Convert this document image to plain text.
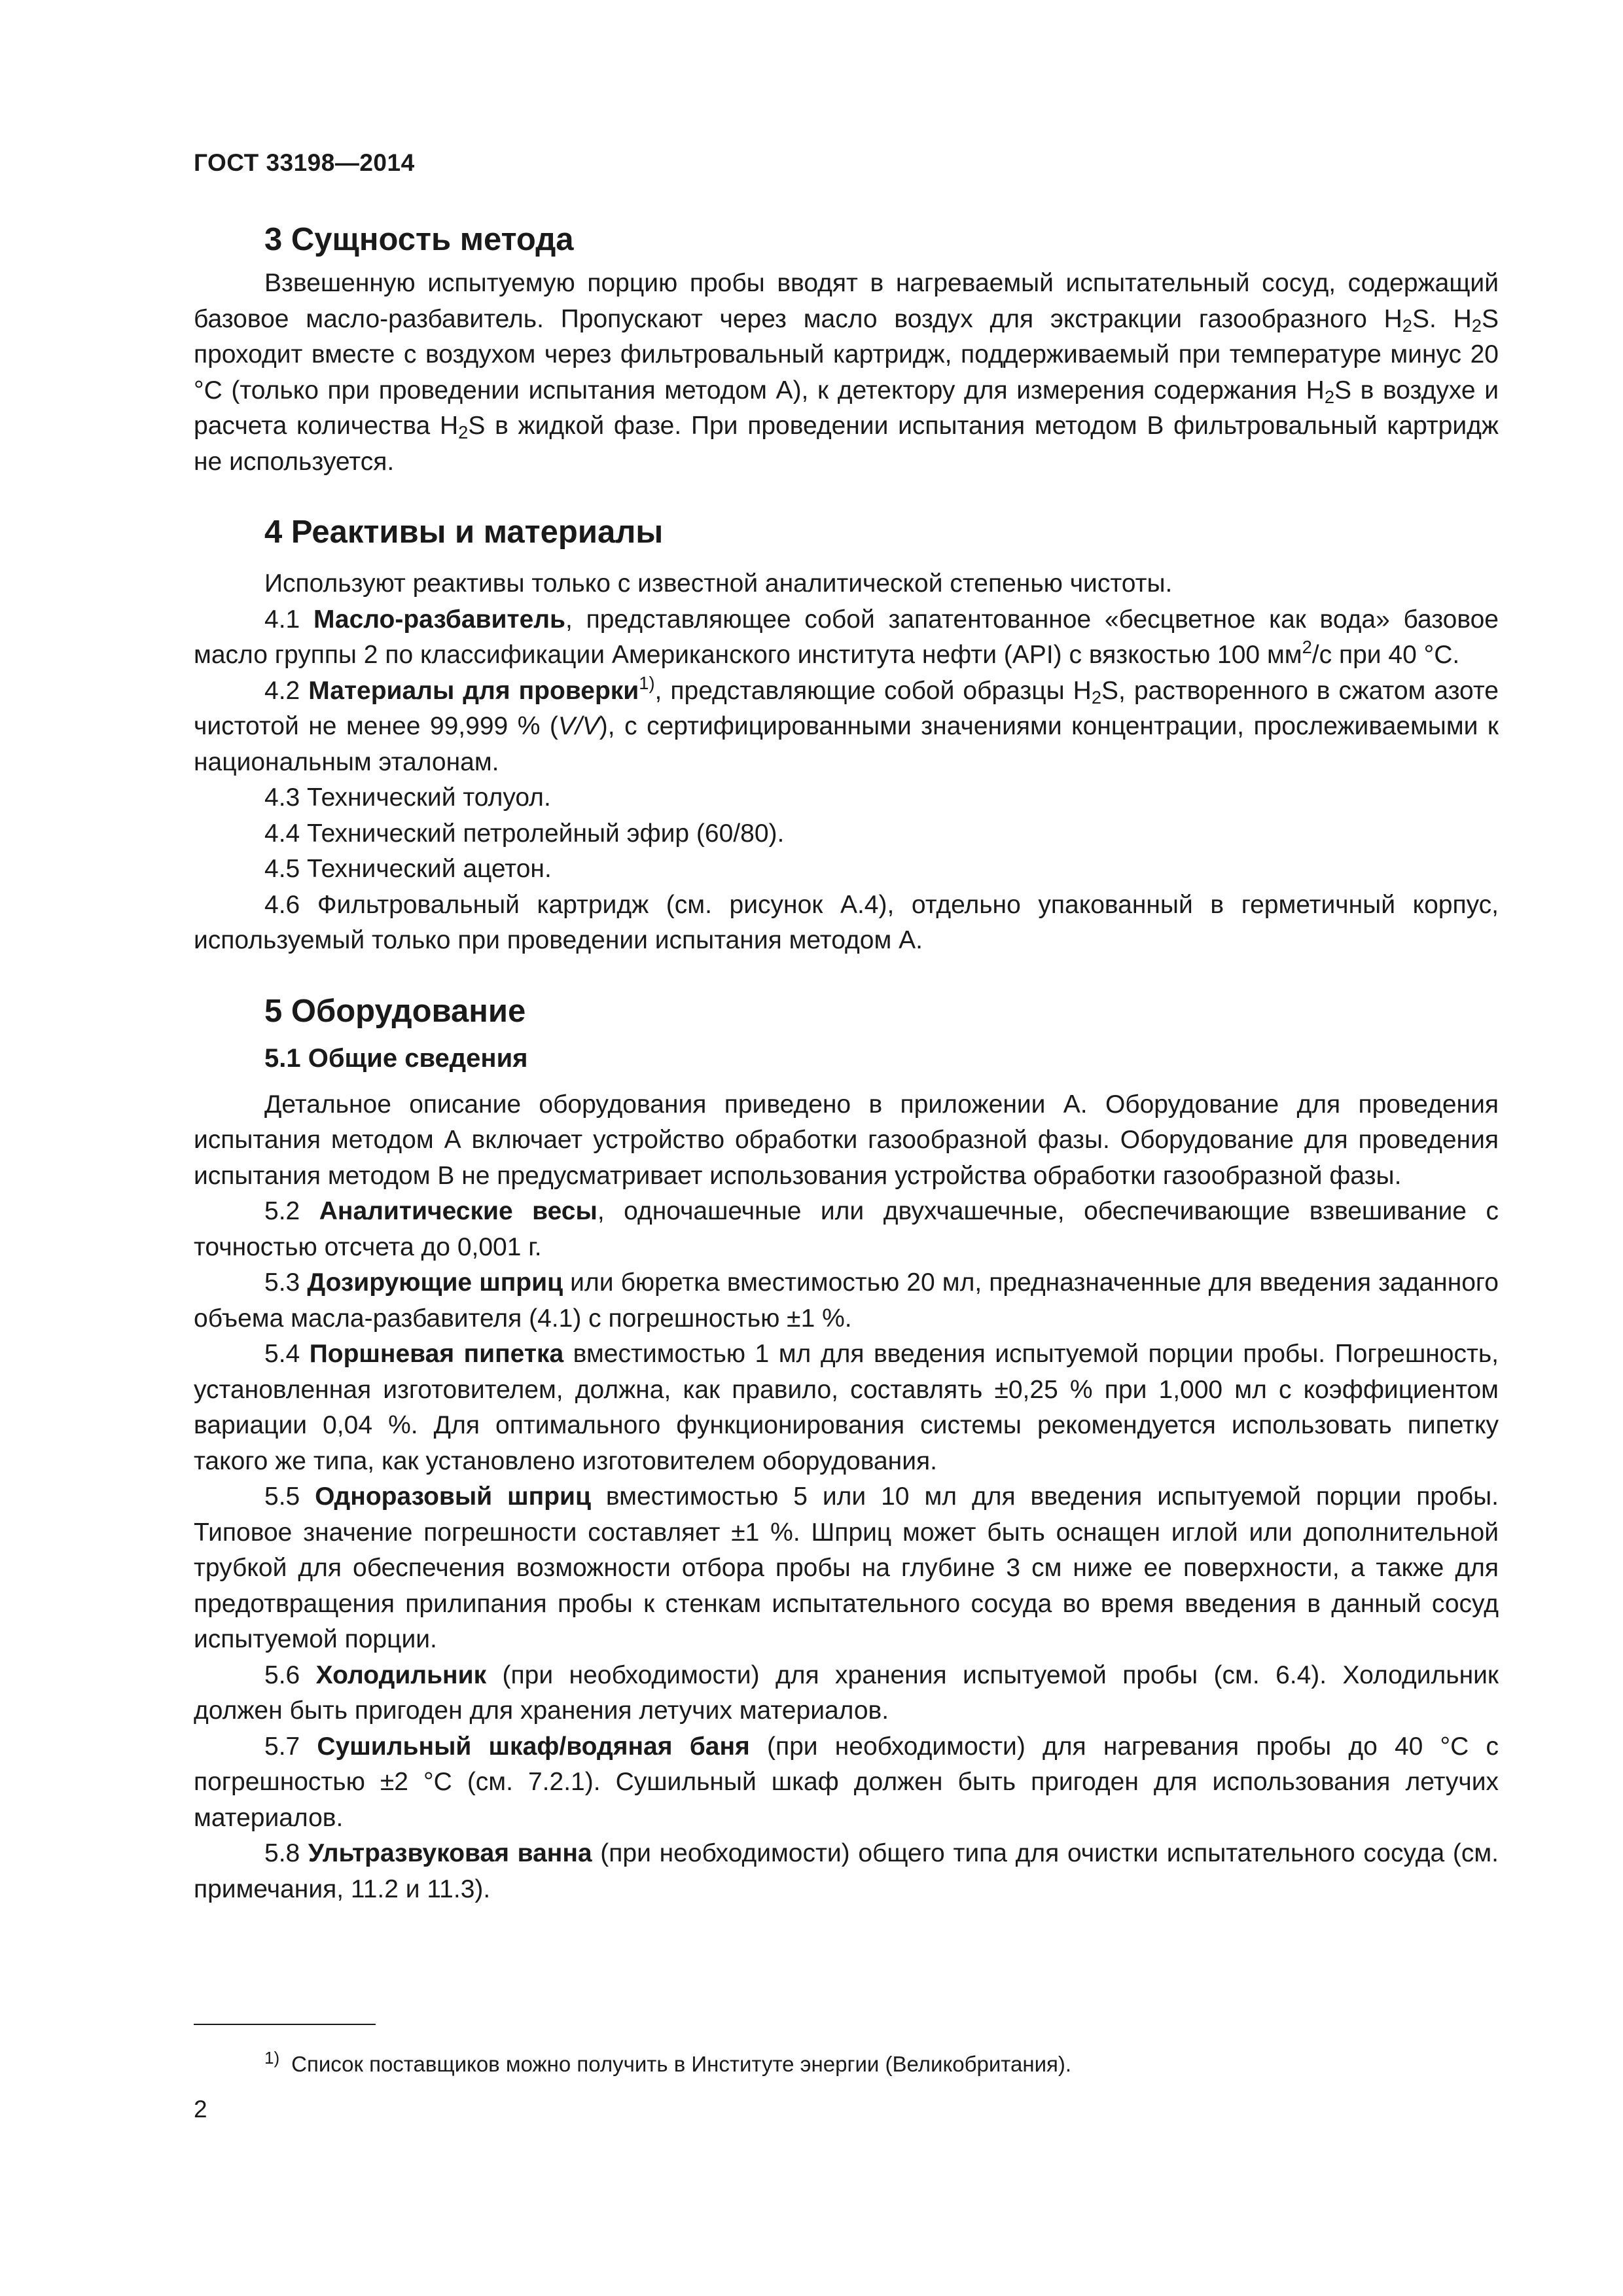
ГОСТ 33198—2014
3 Сущность метода

Взвешенную испытуемую порцию пробы вводят в нагреваемый испытательный сосуд, содержащий базовое масло-разбавитель. Пропускают через масло воздух для экстракции газообразного $H_2S$. $H_2S$ проходит вместе с воздухом через фильтровальный картридж, поддерживаемый при температуре минус 20 °C (только при проведении испытания методом A), к детектору для измерения содержания $H_2S$ в воздухе и расчета количества $H_2S$ в жидкой фазе. При проведении испытания методом B фильтровальный картридж не используется.

4 Реактивы и материалы

Используют реактивы только с известной аналитической степенью чистоты.

4.1 Масло-разбавитель, представляющее собой запатентованное «бесцветное как вода» базовое масло группы 2 по классификации Американского института нефти (API) с вязкостью 100 $мм^2/с$ при 40 °C.

4.2 Материалы для проверки$^{1)}$, представляющие собой образцы $H_2S$, растворенного в сжатом азоте чистотой не менее 99,999 % (V/V), с сертифицированными значениями концентрации, прослеживаемыми к национальным эталонам.

4.3 Технический толуол.

4.4 Технический петролейный эфир (60/80).

4.5 Технический ацетон.

4.6 Фильтровальный картридж (см. рисунок А.4), отдельно упакованный в герметичный корпус, используемый только при проведении испытания методом А.

5 Оборудование
5.1 Общие сведения

Детальное описание оборудования приведено в приложении А. Оборудование для проведения испытания методом А включает устройство обработки газообразной фазы. Оборудование для проведения испытания методом В не предусматривает использования устройства обработки газообразной фазы.

5.2 Аналитические весы, одночашечные или двухчашечные, обеспечивающие взвешивание с точностью отсчета до 0,001 г.

5.3 Дозирующие шприц или бюретка вместимостью 20 мл, предназначенные для введения заданного объема масла-разбавителя (4.1) с погрешностью ±1 %.

5.4 Поршневая пипетка вместимостью 1 мл для введения испытуемой порции пробы. Погрешность, установленная изготовителем, должна, как правило, составлять ±0,25 % при 1,000 мл с коэффициентом вариации 0,04 %. Для оптимального функционирования системы рекомендуется использовать пипетку такого же типа, как установлено изготовителем оборудования.

5.5 Одноразовый шприц вместимостью 5 или 10 мл для введения испытуемой порции пробы. Типовое значение погрешности составляет ±1 %. Шприц может быть оснащен иглой или дополнительной трубкой для обеспечения возможности отбора пробы на глубине 3 см ниже ее поверхности, а также для предотвращения прилипания пробы к стенкам испытательного сосуда во время введения в данный сосуд испытуемой порции.

5.6 Холодильник (при необходимости) для хранения испытуемой пробы (см. 6.4). Холодильник должен быть пригоден для хранения летучих материалов.

5.7 Сушильный шкаф/водяная баня (при необходимости) для нагревания пробы до 40 °C с погрешностью ±2 °C (см. 7.2.1). Сушильный шкаф должен быть пригоден для использования летучих материалов.

5.8 Ультразвуковая ванна (при необходимости) общего типа для очистки испытательного сосуда (см. примечания, 11.2 и 11.3).

$^{1)}$ Список поставщиков можно получить в Институте энергии (Великобритания).
2
